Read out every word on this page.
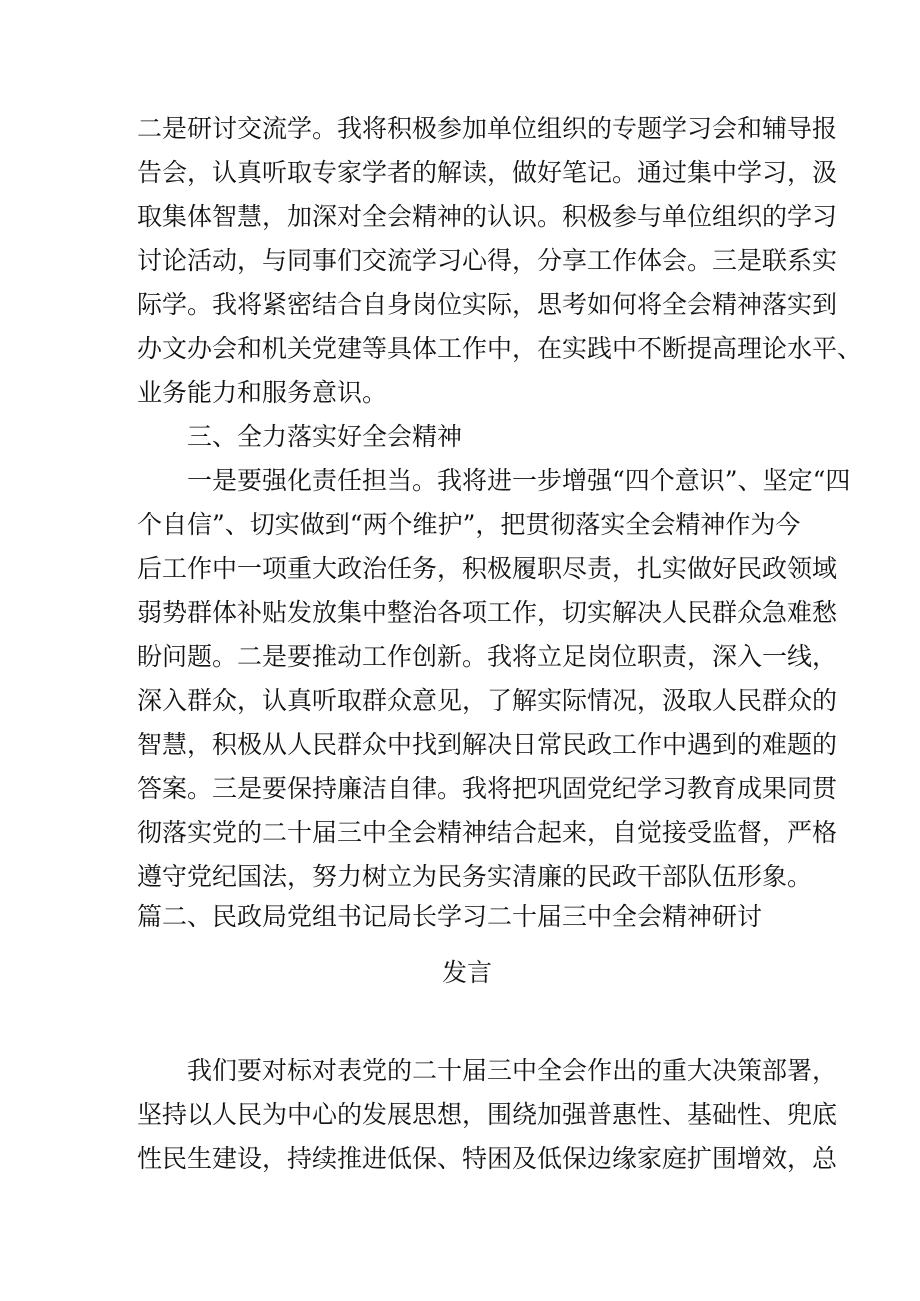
二是研讨交流学。我将积极参加单位组织的专题学习会和辅导报
告会，认真听取专家学者的解读，做好笔记。通过集中学习，汲
取集体智慧，加深对全会精神的认识。积极参与单位组织的学习
讨论活动，与同事们交流学习心得，分享工作体会。三是联系实
际学。我将紧密结合自身岗位实际，思考如何将全会精神落实到
办文办会和机关党建等具体工作中，在实践中不断提高理论水平、
业务能力和服务意识。
三、全力落实好全会精神
一是要强化责任担当。我将进一步增强“四个意识”、坚定“四
个自信”、切实做到“两个维护”，把贯彻落实全会精神作为今
后工作中一项重大政治任务，积极履职尽责，扎实做好民政领域
弱势群体补贴发放集中整治各项工作，切实解决人民群众急难愁
盼问题。二是要推动工作创新。我将立足岗位职责，深入一线，
深入群众，认真听取群众意见，了解实际情况，汲取人民群众的
智慧，积极从人民群众中找到解决日常民政工作中遇到的难题的
答案。三是要保持廉洁自律。我将把巩固党纪学习教育成果同贯
彻落实党的二十届三中全会精神结合起来，自觉接受监督，严格
遵守党纪国法，努力树立为民务实清廉的民政干部队伍形象。
篇二、民政局党组书记局长学习二十届三中全会精神研讨
发言
我们要对标对表党的二十届三中全会作出的重大决策部署，
坚持以人民为中心的发展思想，围绕加强普惠性、基础性、兜底
性民生建设，持续推进低保、特困及低保边缘家庭扩围增效，总
